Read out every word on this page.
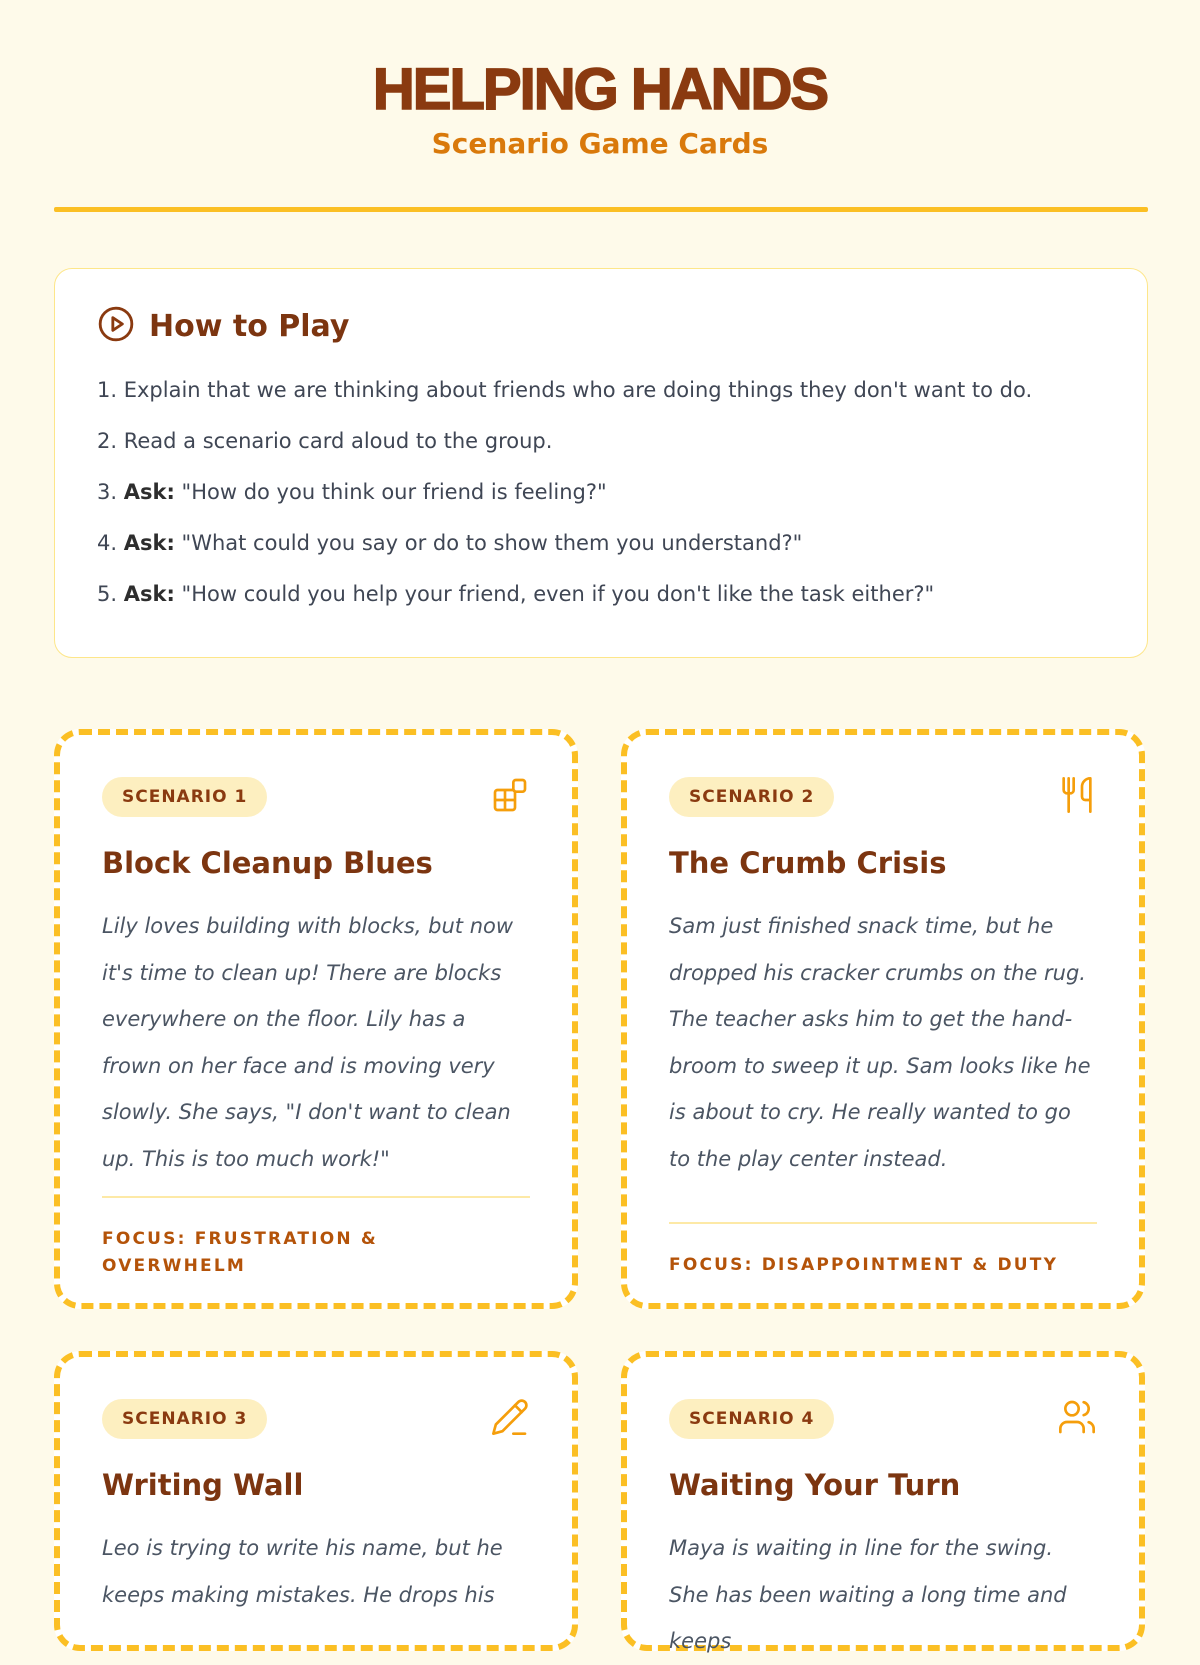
HELPING HANDS
Scenario Game Cards
How to Play
1. Explain that we are thinking about friends who are doing things they don't want to do.
2. Read a scenario card aloud to the group.
3. Ask: "How do you think our friend is feeling?"
4. Ask: "What could you say or do to show them you understand?"
5. Ask: "How could you help your friend, even if you don't like the task either?"
SCENARIO 1
Block Cleanup Blues

Lily loves building with blocks, but now it's time to clean up! There are blocks everywhere on the floor. Lily has a frown on her face and is moving very slowly. She says, "I don't want to clean up. This is too much work!"

FOCUS: FRUSTRATION & OVERWHELM
SCENARIO 2
The Crumb Crisis

Sam just finished snack time, but he dropped his cracker crumbs on the rug. The teacher asks him to get the hand-broom to sweep it up. Sam looks like he is about to cry. He really wanted to go to the play center instead.

FOCUS: DISAPPOINTMENT & DUTY
SCENARIO 3
Writing Wall

Leo is trying to write his name, but he keeps making mistakes. He drops his

SCENARIO 4
Waiting Your Turn

Maya is waiting in line for the swing. She has been waiting a long time and keeps
